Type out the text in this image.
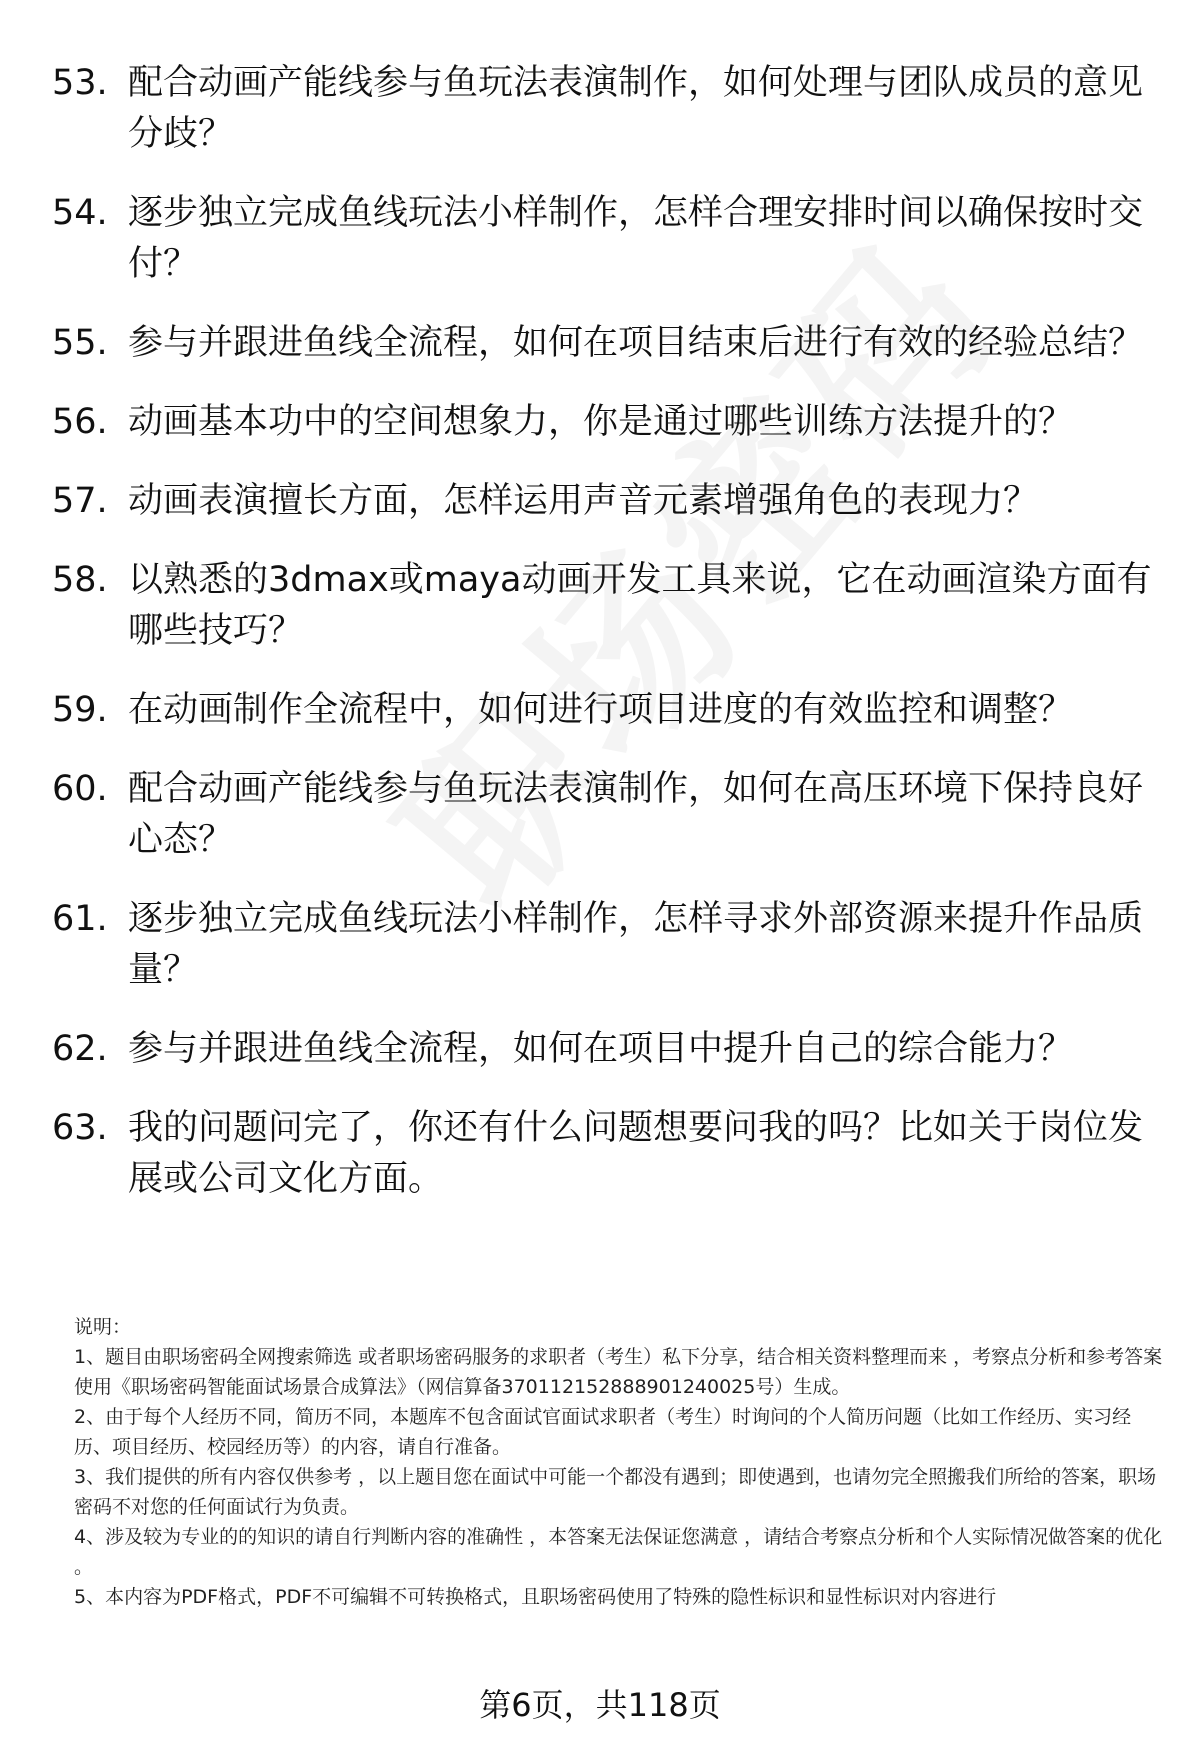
53. 配合动画产能线参与鱼玩法表演制作，如何处理与团队成员的意见分歧？
54. 逐步独立完成鱼线玩法小样制作，怎样合理安排时间以确保按时交付？
55. 参与并跟进鱼线全流程，如何在项目结束后进行有效的经验总结？
56. 动画基本功中的空间想象力，你是通过哪些训练方法提升的？
57. 动画表演擅长方面，怎样运用声音元素增强角色的表现力？
58. 以熟悉的3dmax或maya动画开发工具来说，它在动画渲染方面有哪些技巧？
59. 在动画制作全流程中，如何进行项目进度的有效监控和调整？
60. 配合动画产能线参与鱼玩法表演制作，如何在高压环境下保持良好心态？
61. 逐步独立完成鱼线玩法小样制作，怎样寻求外部资源来提升作品质量？
62. 参与并跟进鱼线全流程，如何在项目中提升自己的综合能力？
63. 我的问题问完了，你还有什么问题想要问我的吗？比如关于岗位发展或公司文化方面。

说明：

1、题目由职场密码全网搜索筛选 或者职场密码服务的求职者（考生）私下分享，结合相关资料整理而来 ，考察点分析和参考答案使用《职场密码智能面试场景合成算法》（网信算备370112152888901240025号）生成。

2、由于每个人经历不同，简历不同，本题库不包含面试官面试求职者（考生）时询问的个人简历问题（比如工作经历、实习经历、项目经历、校园经历等）的内容，请自行准备。

3、我们提供的所有内容仅供参考 ，以上题目您在面试中可能一个都没有遇到；即使遇到，也请勿完全照搬我们所给的答案，职场密码不对您的任何面试行为负责。

4、涉及较为专业的的知识的请自行判断内容的准确性 ，本答案无法保证您满意 ，请结合考察点分析和个人实际情况做答案的优化 。

5、本内容为PDF格式，PDF不可编辑不可转换格式，且职场密码使用了特殊的隐性标识和显性标识对内容进行

第6页，共118页
